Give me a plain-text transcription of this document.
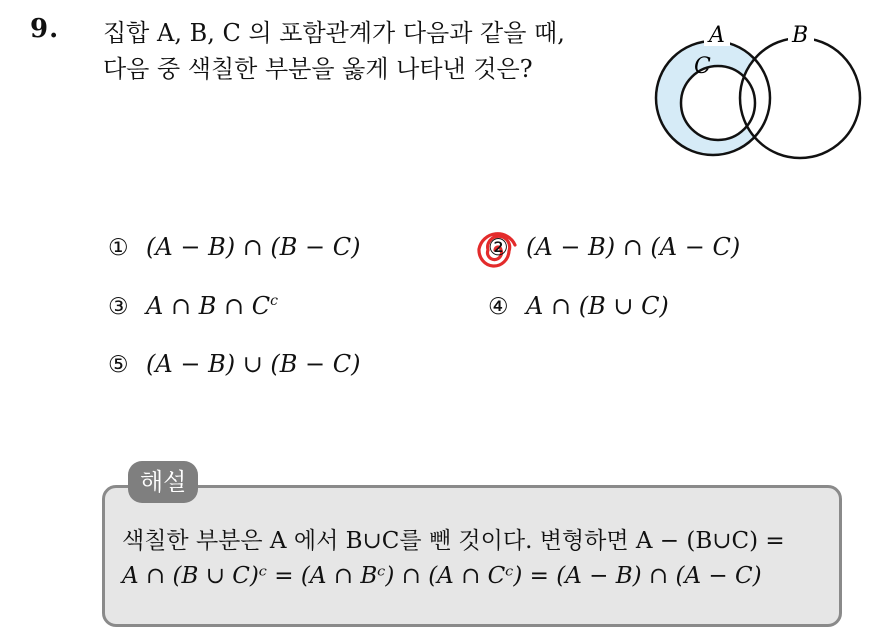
9. 집합 A, B, C 의 포함관계가 다음과 같을 때,
다음 중 색칠한 부분을 옳게 나타낸 것은?
A	B
C
① (A − B) ∩ (B − C)	② (A − B) ∩ (A − C)
③ A ∩ B ∩ $C^c$	④ A ∩ (B ∪ C)
⑤ (A − B) ∪ (B − C)
해설
색칠한 부분은 A 에서 B∪C를 뺀 것이다. 변형하면 A − (B∪C) =
A ∩ (B ∪ C)ᶜ = (A ∩ Bᶜ) ∩ (A ∩ Cᶜ) = (A − B) ∩ (A − C)
